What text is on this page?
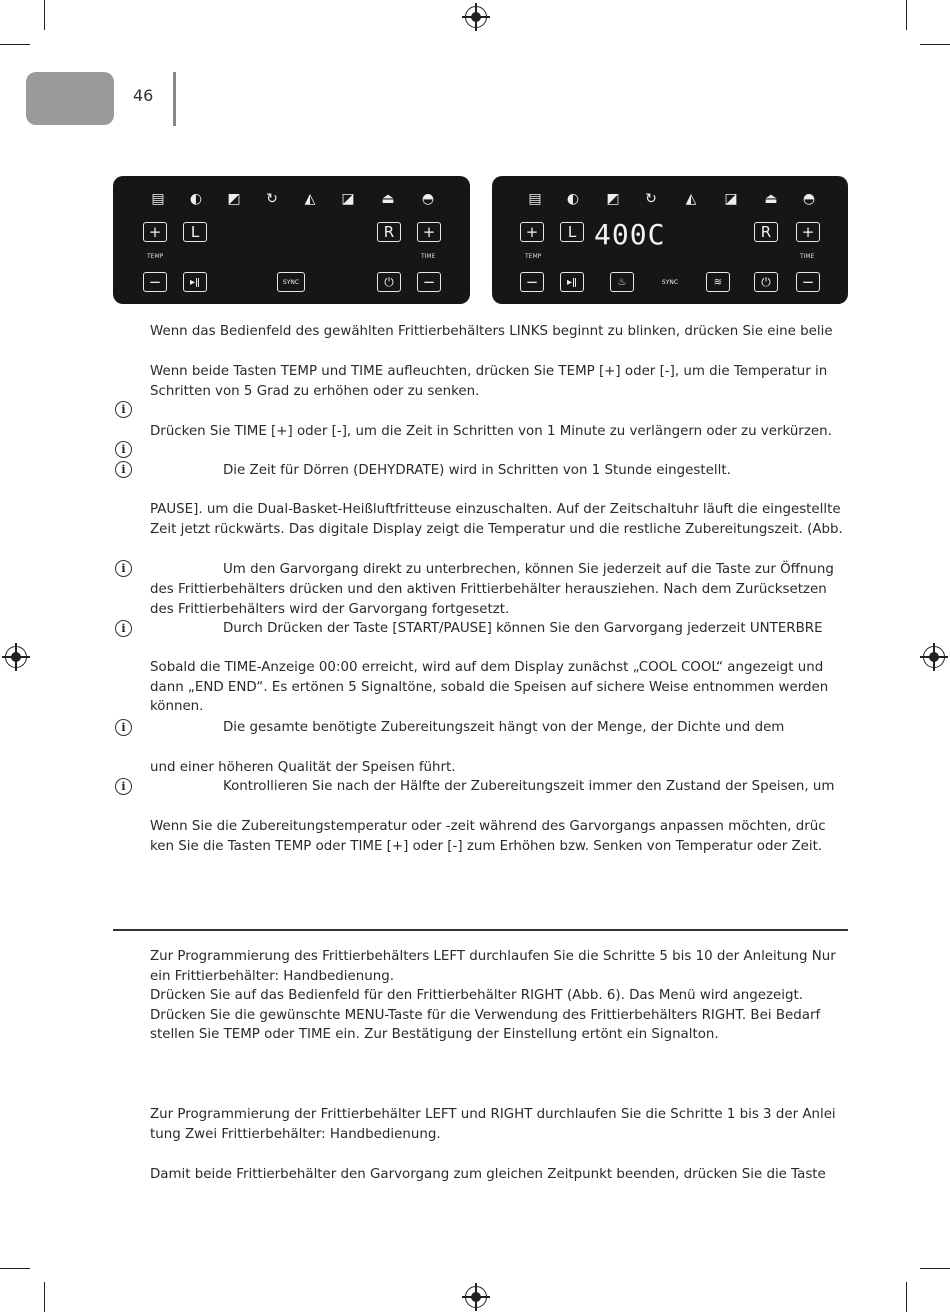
46
▤	◐	◩	↻	◭	◪	⏏	◓
+	L	R	+
TEMP	TIME
−	▸ǁ	SYNC	⏻	−
▤	◐	◩	↻	◭	◪	⏏	◓
+	L 400C	R	+
TEMP	TIME
−	▸ǁ	♨	SYNC	≋	⏻	−
Wenn das Bedienfeld des gewählten Frittierbehälters LINKS beginnt zu blinken, drücken Sie eine belie
Wenn beide Tasten TEMP und TIME aufleuchten, drücken Sie TEMP [+] oder [-], um die Temperatur in
Schritten von 5 Grad zu erhöhen oder zu senken.
i
Drücken Sie TIME [+] oder [-], um die Zeit in Schritten von 1 Minute zu verlängern oder zu verkürzen.
i
i	Die Zeit für Dörren (DEHYDRATE) wird in Schritten von 1 Stunde eingestellt.
PAUSE]. um die Dual-Basket-Heißluftfritteuse einzuschalten. Auf der Zeitschaltuhr läuft die eingestellte
Zeit jetzt rückwärts. Das digitale Display zeigt die Temperatur und die restliche Zubereitungszeit. (Abb.
i	Um den Garvorgang direkt zu unterbrechen, können Sie jederzeit auf die Taste zur Öffnung
des Frittierbehälters drücken und den aktiven Frittierbehälter herausziehen. Nach dem Zurücksetzen
des Frittierbehälters wird der Garvorgang fortgesetzt.
i	Durch Drücken der Taste [START/PAUSE] können Sie den Garvorgang jederzeit UNTERBRE
Sobald die TIME-Anzeige 00:00 erreicht, wird auf dem Display zunächst „COOL COOL“ angezeigt und
dann „END END“. Es ertönen 5 Signaltöne, sobald die Speisen auf sichere Weise entnommen werden
können.
i	Die gesamte benötigte Zubereitungszeit hängt von der Menge, der Dichte und dem
und einer höheren Qualität der Speisen führt.
i	Kontrollieren Sie nach der Hälfte der Zubereitungszeit immer den Zustand der Speisen, um
Wenn Sie die Zubereitungstemperatur oder -zeit während des Garvorgangs anpassen möchten, drüc
ken Sie die Tasten TEMP oder TIME [+] oder [-] zum Erhöhen bzw. Senken von Temperatur oder Zeit.
Zur Programmierung des Frittierbehälters LEFT durchlaufen Sie die Schritte 5 bis 10 der Anleitung Nur
ein Frittierbehälter: Handbedienung.
Drücken Sie auf das Bedienfeld für den Frittierbehälter RIGHT (Abb. 6). Das Menü wird angezeigt.
Drücken Sie die gewünschte MENU-Taste für die Verwendung des Frittierbehälters RIGHT. Bei Bedarf
stellen Sie TEMP oder TIME ein. Zur Bestätigung der Einstellung ertönt ein Signalton.
Zur Programmierung der Frittierbehälter LEFT und RIGHT durchlaufen Sie die Schritte 1 bis 3 der Anlei
tung Zwei Frittierbehälter: Handbedienung.
Damit beide Frittierbehälter den Garvorgang zum gleichen Zeitpunkt beenden, drücken Sie die Taste
